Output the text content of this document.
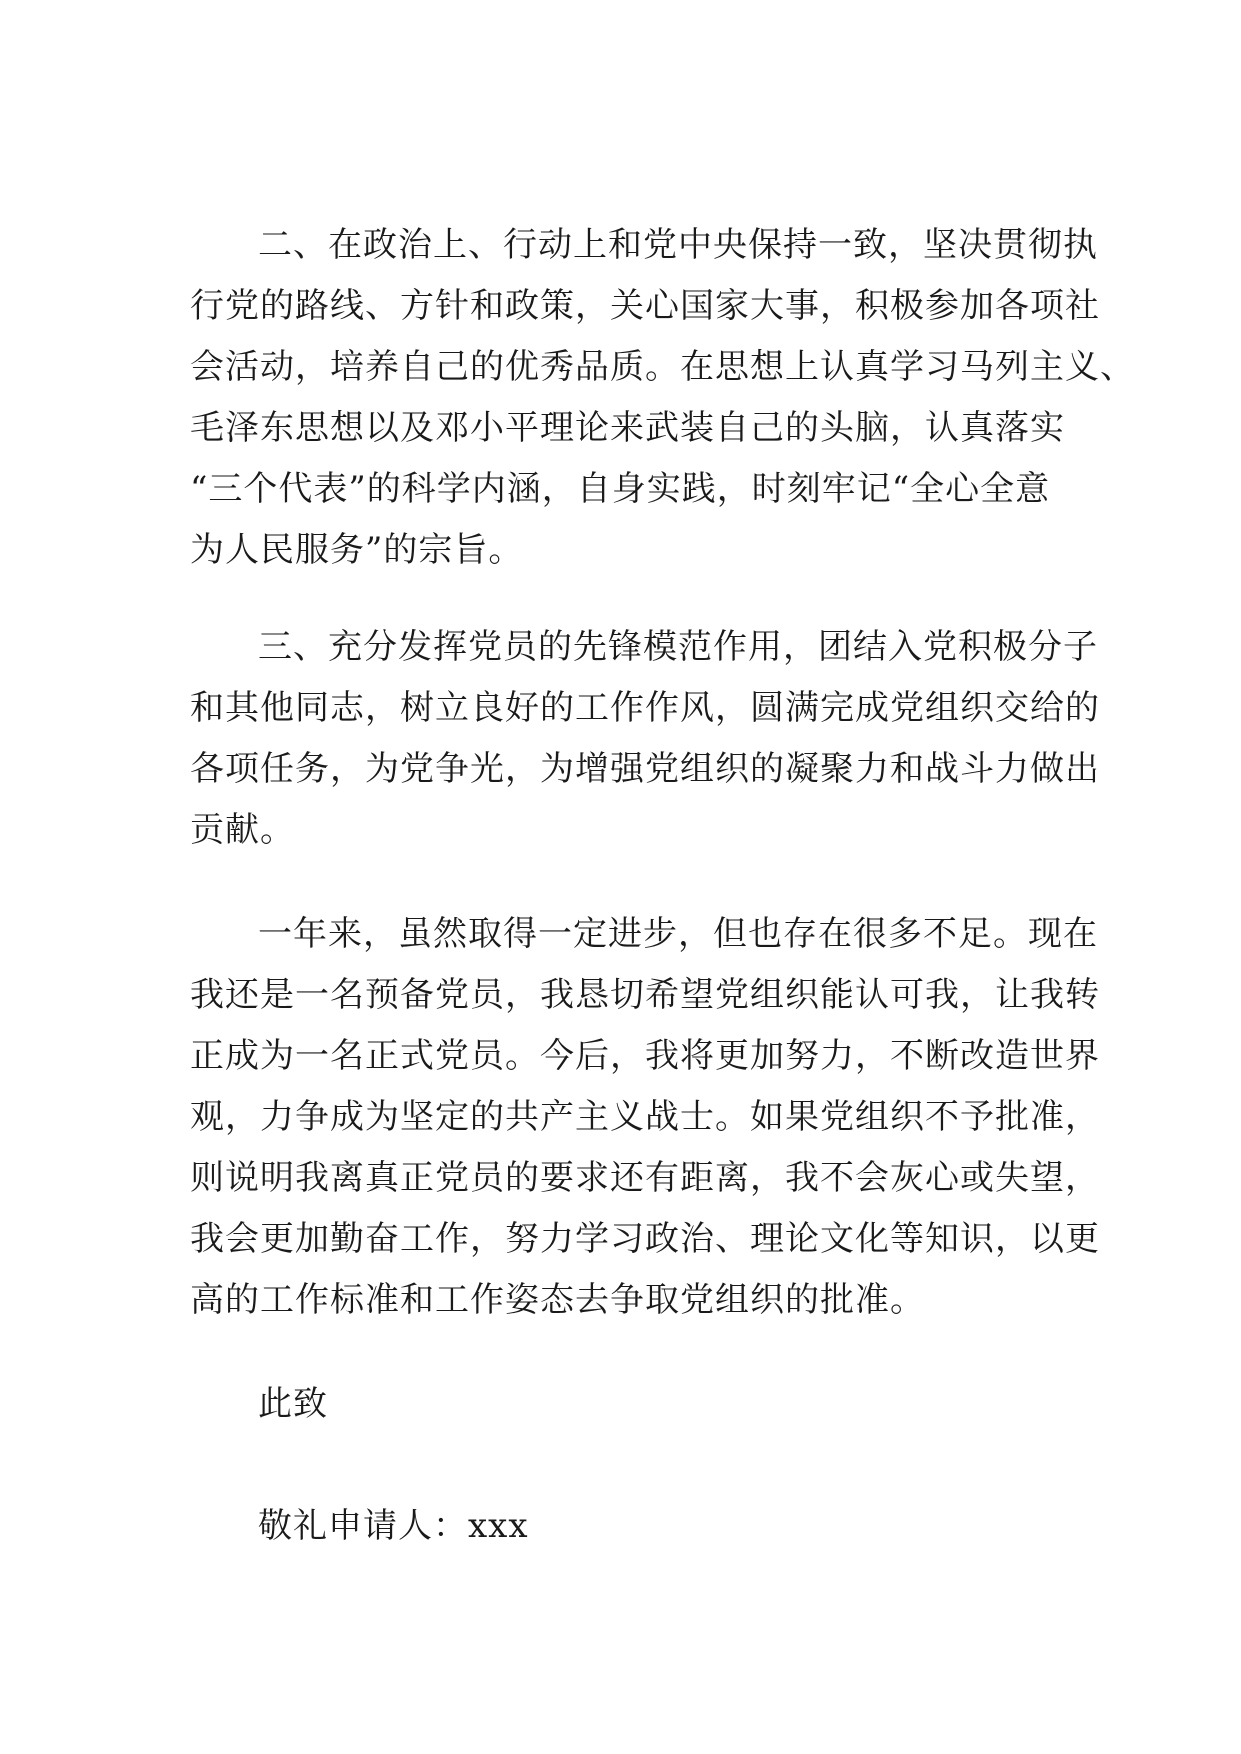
二、在政治上、行动上和党中央保持一致，坚决贯彻执
行党的路线、方针和政策，关心国家大事，积极参加各项社
会活动，培养自己的优秀品质。在思想上认真学习马列主义、
毛泽东思想以及邓小平理论来武装自己的头脑，认真落实
“三个代表”的科学内涵，自身实践，时刻牢记“全心全意
为人民服务”的宗旨。
三、充分发挥党员的先锋模范作用，团结入党积极分子
和其他同志，树立良好的工作作风，圆满完成党组织交给的
各项任务，为党争光，为增强党组织的凝聚力和战斗力做出
贡献。
一年来，虽然取得一定进步，但也存在很多不足。现在
我还是一名预备党员，我恳切希望党组织能认可我，让我转
正成为一名正式党员。今后，我将更加努力，不断改造世界
观，力争成为坚定的共产主义战士。如果党组织不予批准，
则说明我离真正党员的要求还有距离，我不会灰心或失望，
我会更加勤奋工作，努力学习政治、理论文化等知识，以更
高的工作标准和工作姿态去争取党组织的批准。
此致
敬礼申请人：xxx
